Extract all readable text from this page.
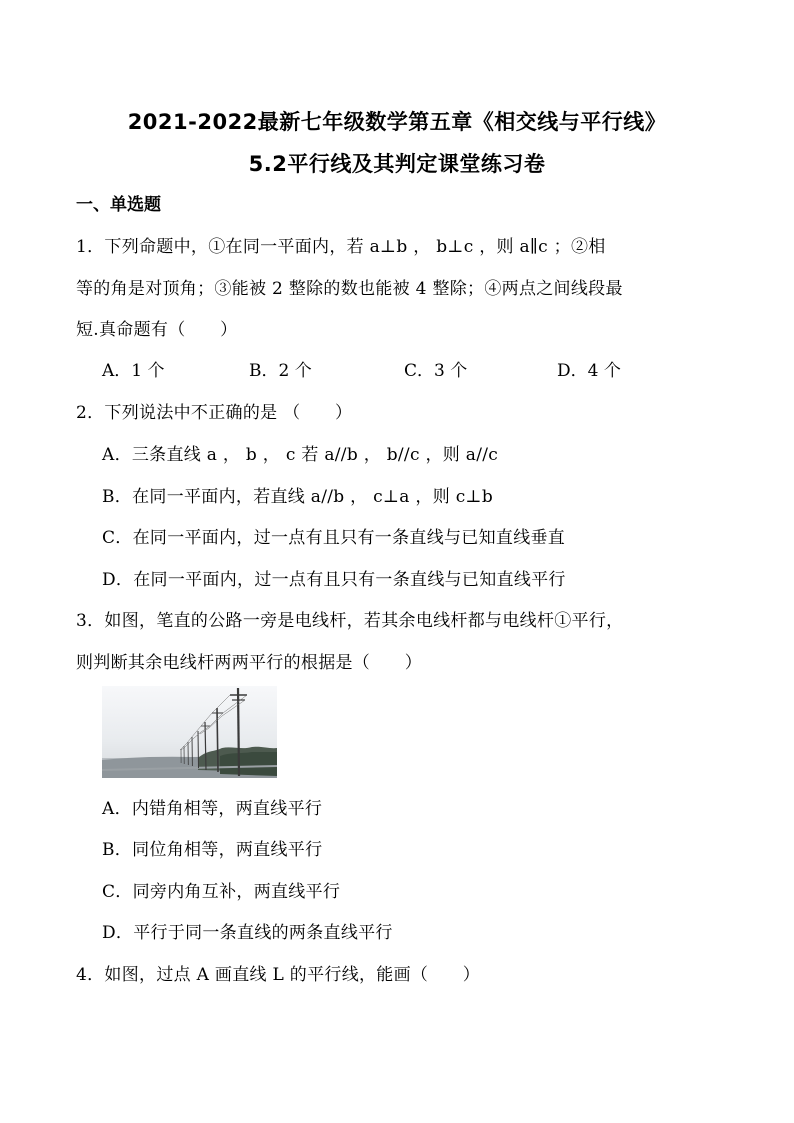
2021-2022最新七年级数学第五章《相交线与平行线》
5.2平行线及其判定课堂练习卷
一、单选题
1．下列命题中，①在同一平面内，若 a⊥b ， b⊥c ，则 a∥c ；②相
等的角是对顶角；③能被 2 整除的数也能被 4 整除；④两点之间线段最
短.真命题有（　　）
A．1 个	B．2 个	C．3 个	D．4 个
2．下列说法中不正确的是 （　　）
A．三条直线 a ， b ， c 若 a//b ， b//c ，则 a//c
B．在同一平面内，若直线 a//b ， c⊥a ，则 c⊥b
C．在同一平面内，过一点有且只有一条直线与已知直线垂直
D．在同一平面内，过一点有且只有一条直线与已知直线平行
3．如图，笔直的公路一旁是电线杆，若其余电线杆都与电线杆①平行，
则判断其余电线杆两两平行的根据是（　　）
A．内错角相等，两直线平行
B．同位角相等，两直线平行
C．同旁内角互补，两直线平行
D．平行于同一条直线的两条直线平行
4．如图，过点 A 画直线 L 的平行线，能画（　　）
